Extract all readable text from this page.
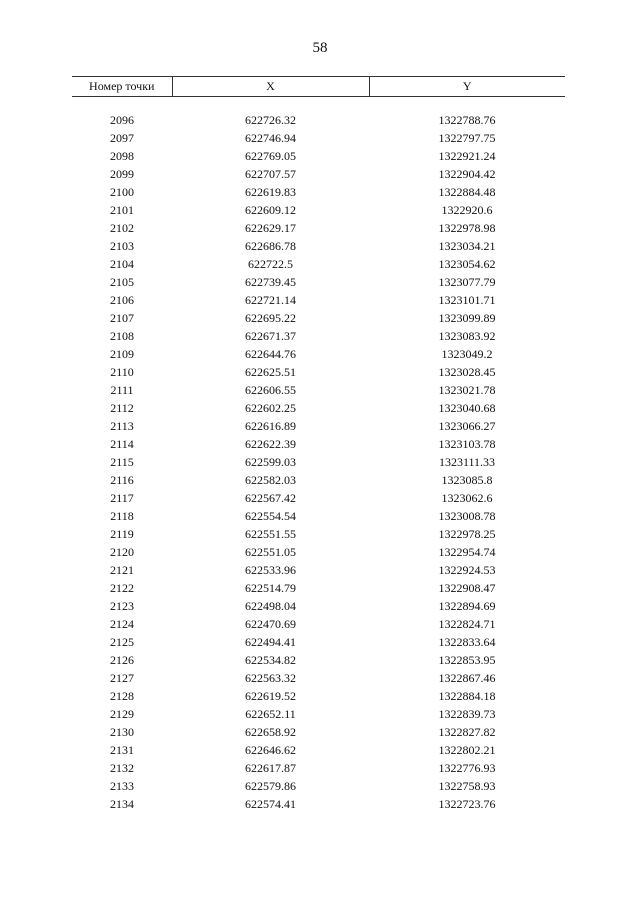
58
Номер точки	X	Y

2096	622726.32	1322788.76
2097	622746.94	1322797.75
2098	622769.05	1322921.24
2099	622707.57	1322904.42
2100	622619.83	1322884.48
2101	622609.12	1322920.6
2102	622629.17	1322978.98
2103	622686.78	1323034.21
2104	622722.5	1323054.62
2105	622739.45	1323077.79
2106	622721.14	1323101.71
2107	622695.22	1323099.89
2108	622671.37	1323083.92
2109	622644.76	1323049.2
2110	622625.51	1323028.45
2111	622606.55	1323021.78
2112	622602.25	1323040.68
2113	622616.89	1323066.27
2114	622622.39	1323103.78
2115	622599.03	1323111.33
2116	622582.03	1323085.8
2117	622567.42	1323062.6
2118	622554.54	1323008.78
2119	622551.55	1322978.25
2120	622551.05	1322954.74
2121	622533.96	1322924.53
2122	622514.79	1322908.47
2123	622498.04	1322894.69
2124	622470.69	1322824.71
2125	622494.41	1322833.64
2126	622534.82	1322853.95
2127	622563.32	1322867.46
2128	622619.52	1322884.18
2129	622652.11	1322839.73
2130	622658.92	1322827.82
2131	622646.62	1322802.21
2132	622617.87	1322776.93
2133	622579.86	1322758.93
2134	622574.41	1322723.76
